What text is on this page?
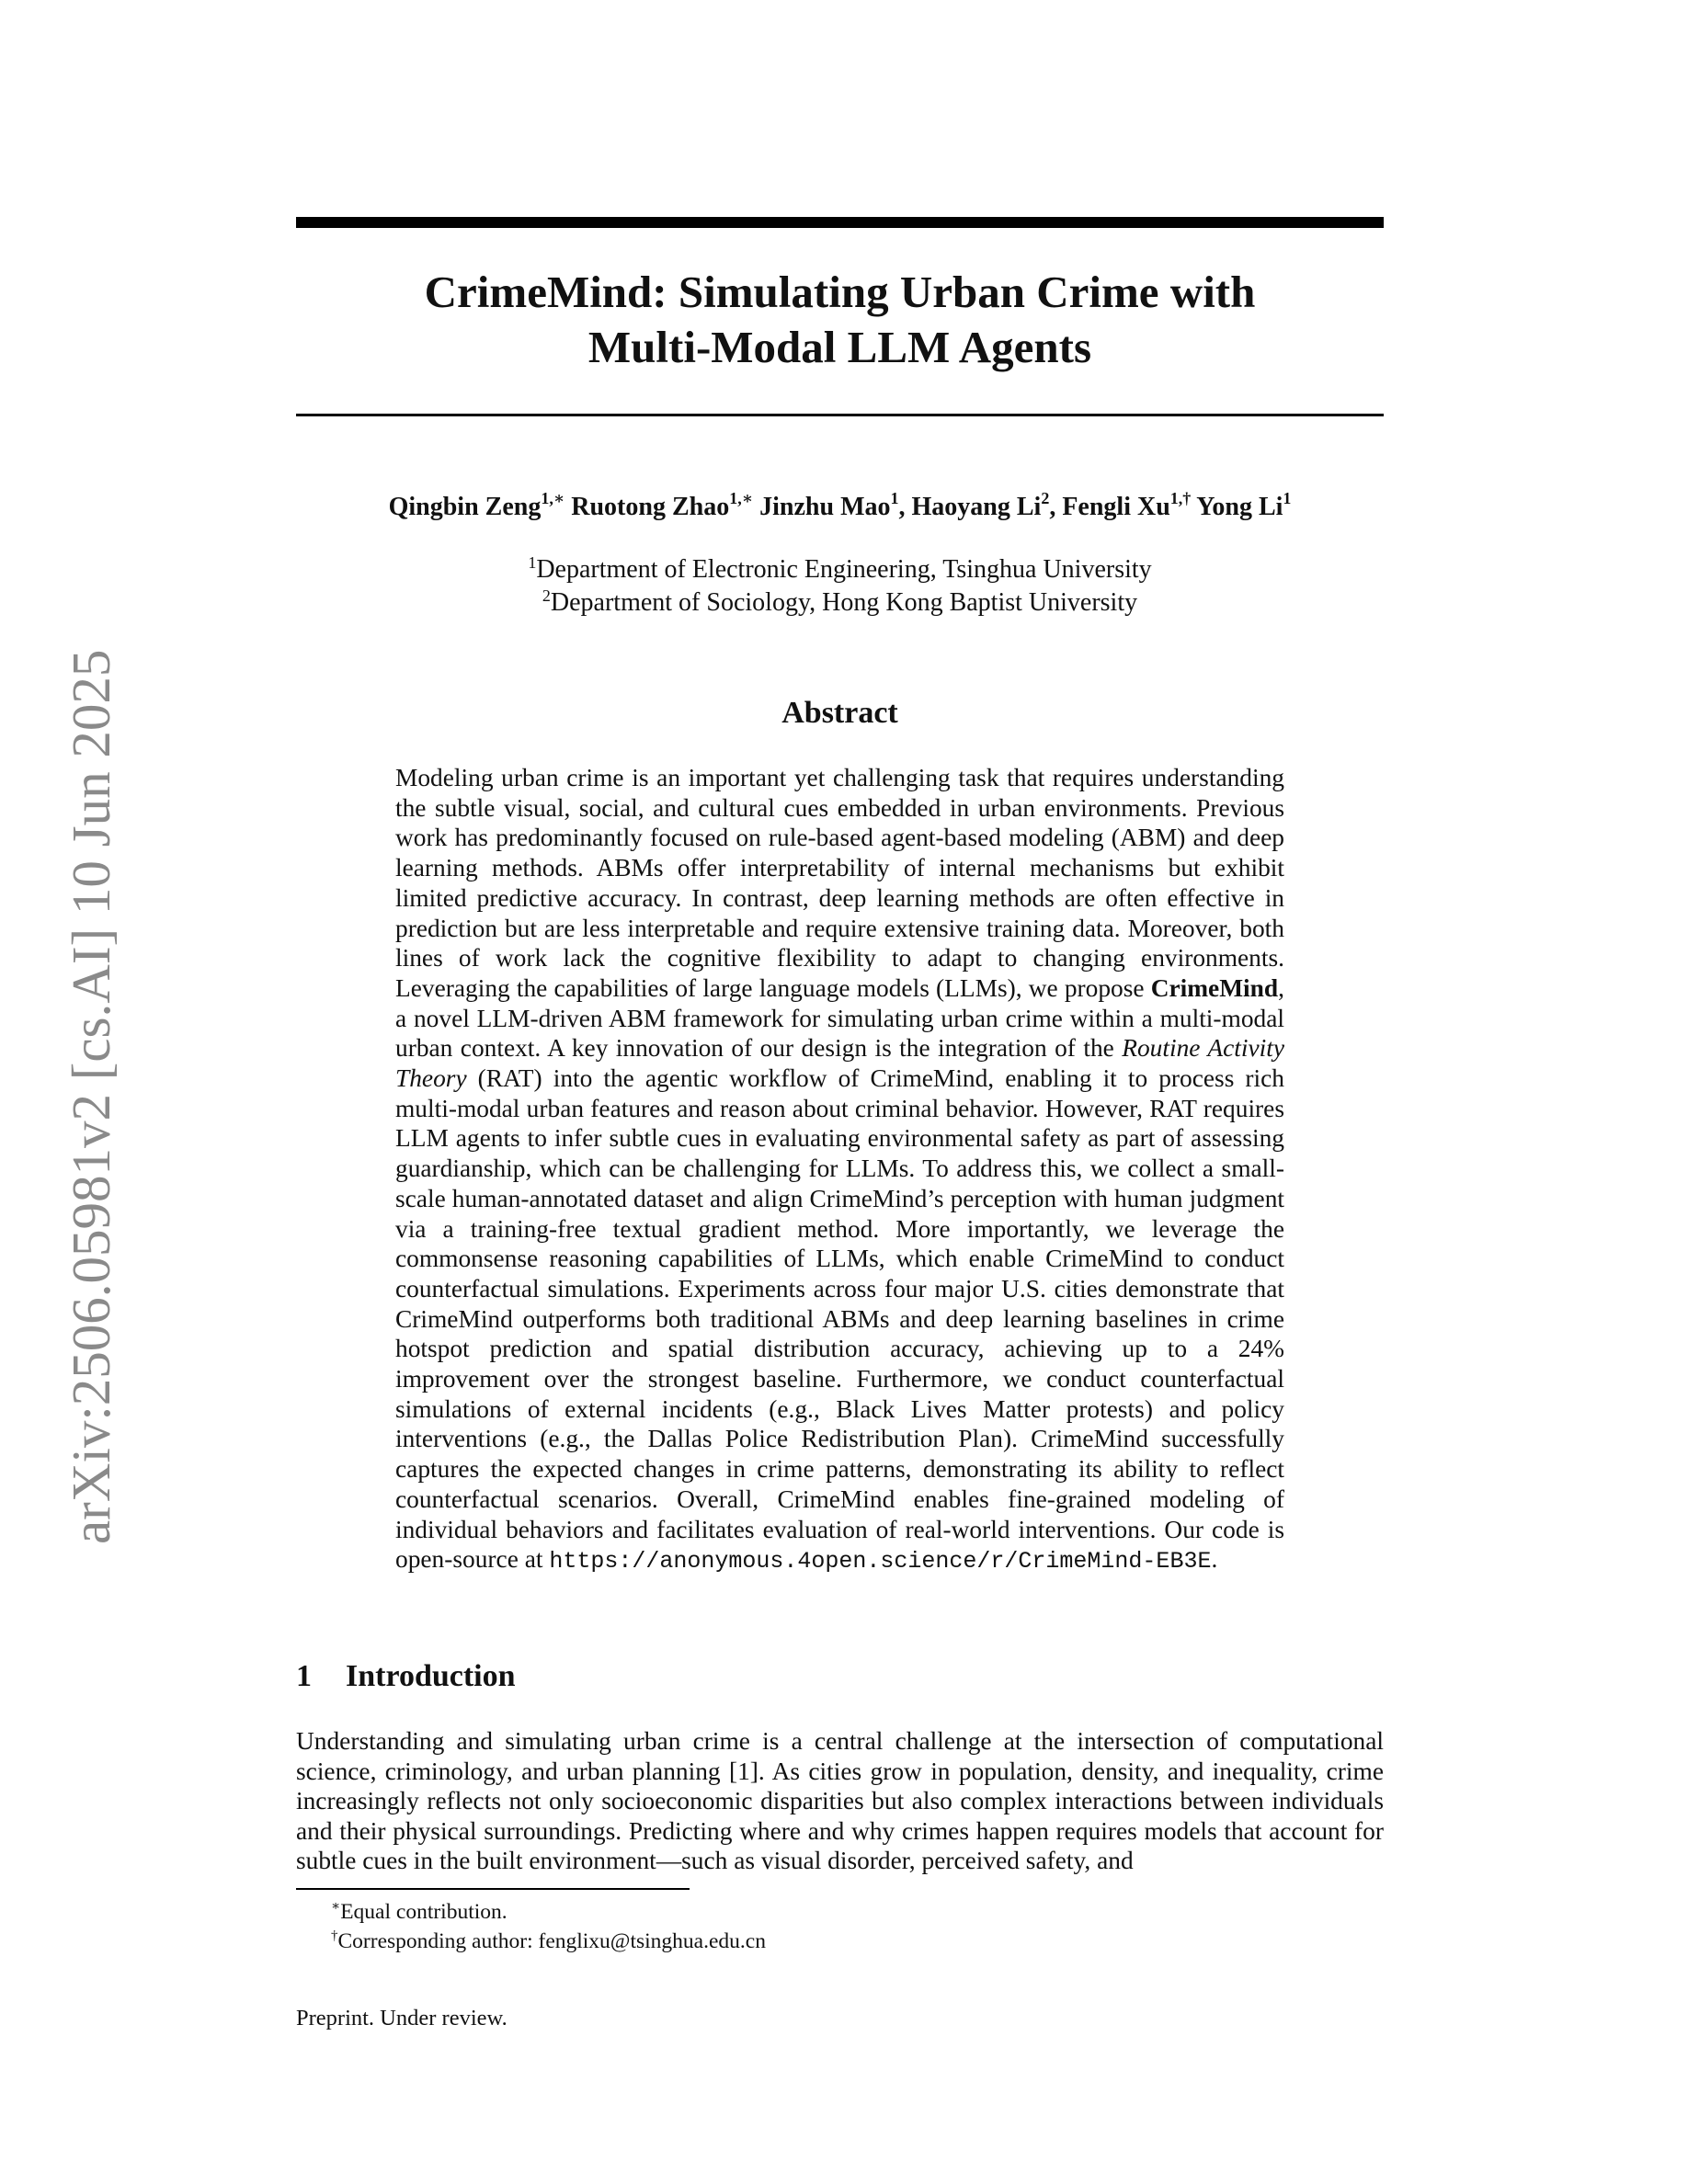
CrimeMind: Simulating Urban Crime with
Multi-Modal LLM Agents
Qingbin Zeng$^{1,∗}$ Ruotong Zhao$^{1,∗}$ Jinzhu Mao$^1$, Haoyang Li$^2$, Fengli $Xu^{1,\dagger}$ Yong Li$^1$
$^1$Department of Electronic Engineering, Tsinghua University
$^2$Department of Sociology, Hong Kong Baptist University
Abstract
Modeling urban crime is an important yet challenging task that requires understanding the subtle visual, social, and cultural cues embedded in urban environments. Previous work has predominantly focused on rule-based agent-based modeling (ABM) and deep learning methods. ABMs offer interpretability of internal mechanisms but exhibit limited predictive accuracy. In contrast, deep learning methods are often effective in prediction but are less interpretable and require extensive training data. Moreover, both lines of work lack the cognitive flexibility to adapt to changing environments. Leveraging the capabilities of large language models (LLMs), we propose CrimeMind, a novel LLM-driven ABM framework for simulating urban crime within a multi-modal urban context. A key innovation of our design is the integration of the Routine Activity Theory (RAT) into the agentic workflow of CrimeMind, enabling it to process rich multi-modal urban features and reason about criminal behavior. However, RAT requires LLM agents to infer subtle cues in evaluating environmental safety as part of assessing guardianship, which can be challenging for LLMs. To address this, we collect a small-scale human-annotated dataset and align CrimeMind’s perception with human judgment via a training-free textual gradient method. More importantly, we leverage the commonsense reasoning capabilities of LLMs, which enable CrimeMind to conduct counterfactual simulations. Experiments across four major U.S. cities demonstrate that CrimeMind outperforms both traditional ABMs and deep learning baselines in crime hotspot prediction and spatial distribution accuracy, achieving up to a 24% improvement over the strongest baseline. Furthermore, we conduct counterfactual simulations of external incidents (e.g., Black Lives Matter protests) and policy interventions (e.g., the Dallas Police Redistribution Plan). CrimeMind successfully captures the expected changes in crime patterns, demonstrating its ability to reflect counterfactual scenarios. Overall, CrimeMind enables fine-grained modeling of individual behaviors and facilitates evaluation of real-world interventions. Our code is open-source at https://anonymous.4open.science/r/CrimeMind-EB3E.
1 Introduction
Understanding and simulating urban crime is a central challenge at the intersection of computational science, criminology, and urban planning [1]. As cities grow in population, density, and inequality, crime increasingly reflects not only socioeconomic disparities but also complex interactions between individuals and their physical surroundings. Predicting where and why crimes happen requires models that account for subtle cues in the built environment—such as visual disorder, perceived safety, and
∗Equal contribution.
†Corresponding author: fenglixu@tsinghua.edu.cn
Preprint. Under review.
arXiv:2506.05981v2 [cs.AI] 10 Jun 2025
